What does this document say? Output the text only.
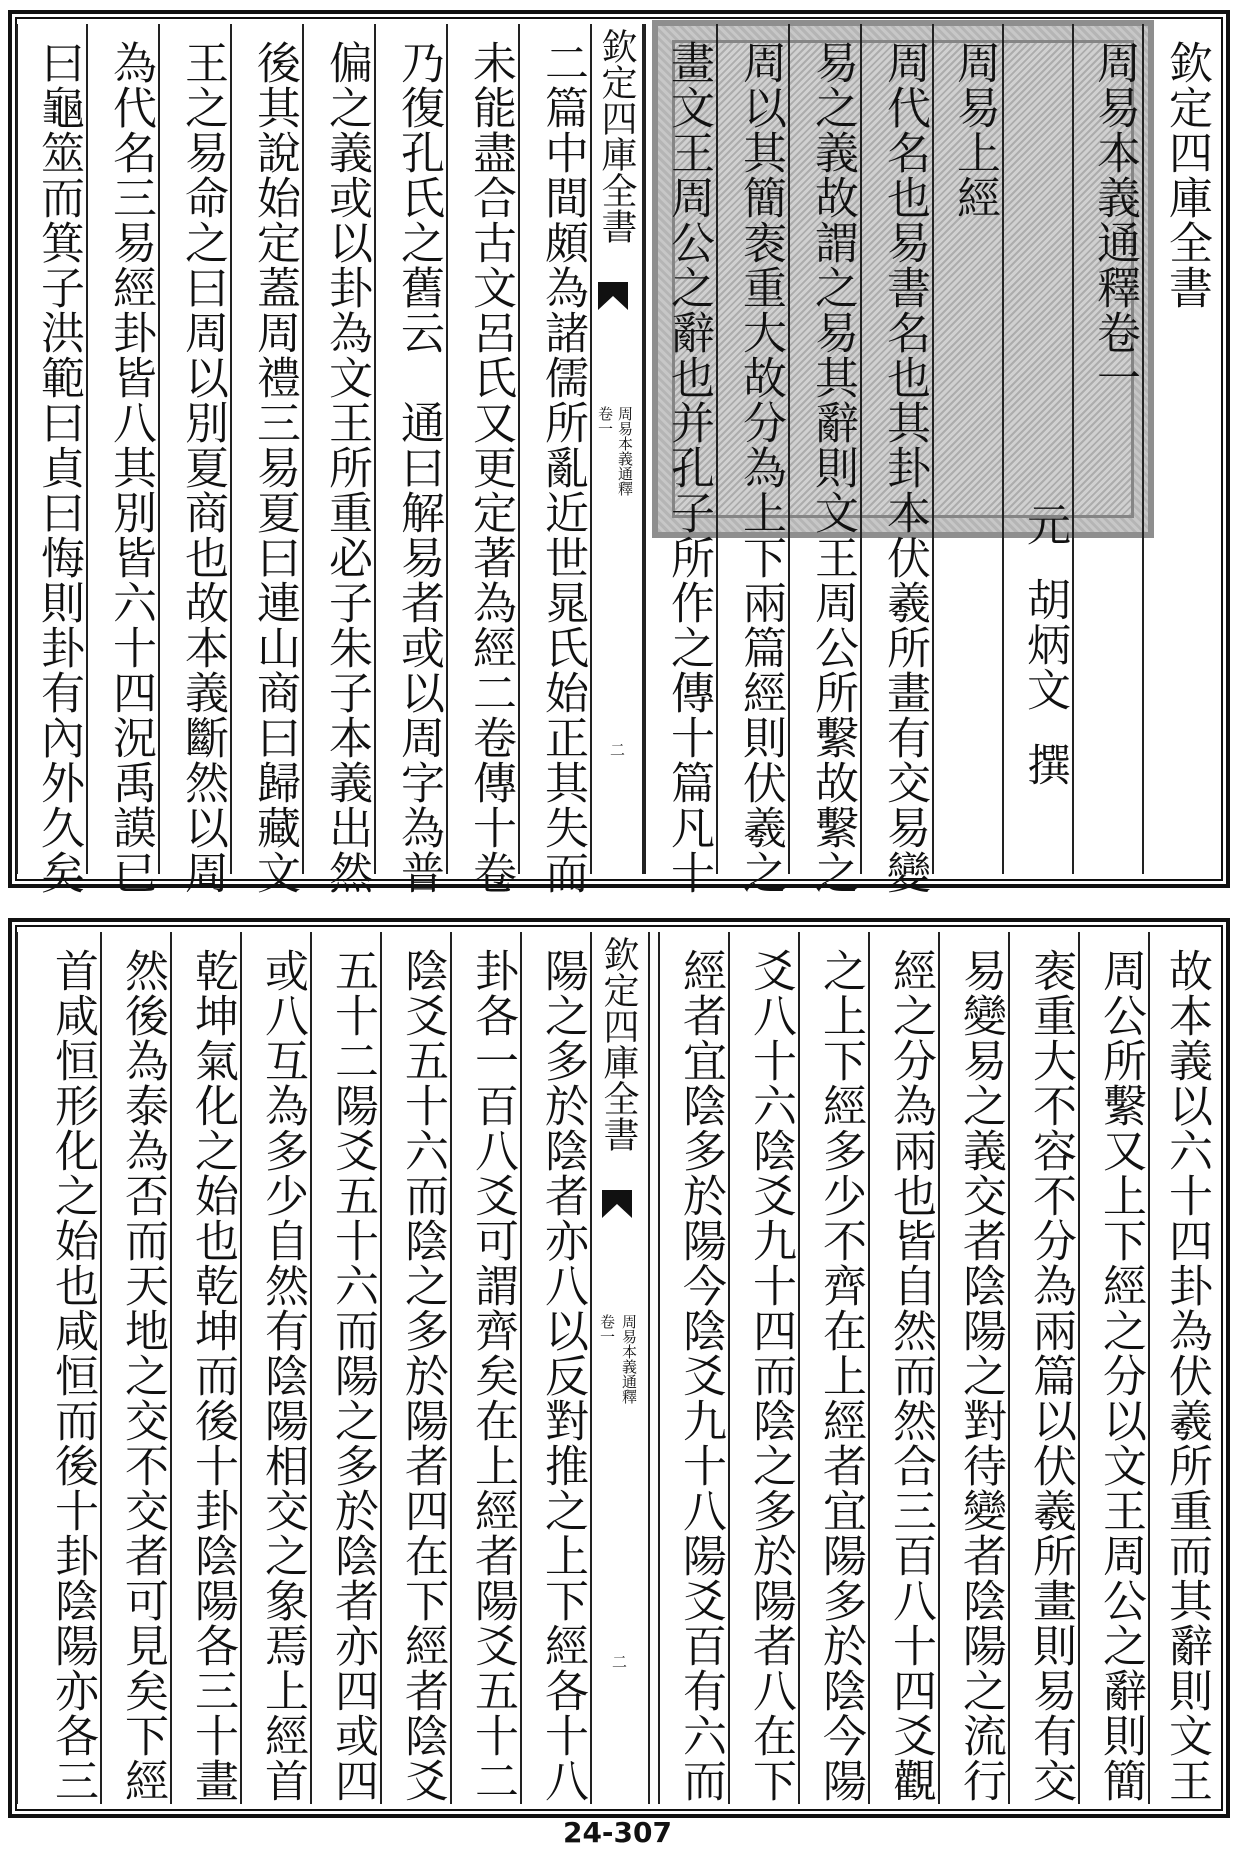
欽定四庫全書
周易本義通釋卷一
元胡炳文撰
周易上經
周代名也易書名也其卦本伏羲所畫有交易變
易之義故謂之易其辭則文王周公所繫故繫之
周以其簡袠重大故分為上下兩篇經則伏羲之
畫文王周公之辭也并孔子所作之傳十篇凡十
欽定四庫全書
周易本義通釋
卷一
二
二篇中間頗為諸儒所亂近世晁氏始正其失而
未能盡合古文呂氏又更定著為經二卷傳十卷
乃復孔氏之舊云　通曰解易者或以周字為普
偏之義或以卦為文王所重必子朱子本義出然
後其說始定蓋周禮三易夏曰連山商曰歸藏文
王之易命之曰周以別夏商也故本義斷然以周
為代名三易經卦皆八其別皆六十四況禹謨已
曰龜筮而箕子洪範曰貞曰悔則卦有內外久矣
故本義以六十四卦為伏羲所重而其辭則文王
周公所繫又上下經之分以文王周公之辭則簡
袠重大不容不分為兩篇以伏羲所畫則易有交
易變易之義交者陰陽之對待變者陰陽之流行
經之分為兩也皆自然而然合三百八十四爻觀
之上下經多少不齊在上經者宜陽多於陰今陽
爻八十六陰爻九十四而陰之多於陽者八在下
經者宜陰多於陽今陰爻九十八陽爻百有六而
欽定四庫全書
周易本義通釋
卷一
二
陽之多於陰者亦八以反對推之上下經各十八
卦各一百八爻可謂齊矣在上經者陽爻五十二
陰爻五十六而陰之多於陽者四在下經者陰爻
五十二陽爻五十六而陽之多於陰者亦四或四
或八互為多少自然有陰陽相交之象焉上經首
乾坤氣化之始也乾坤而後十卦陰陽各三十畫
然後為泰為否而天地之交不交者可見矣下經
首咸恒形化之始也咸恒而後十卦陰陽亦各三
24-307
